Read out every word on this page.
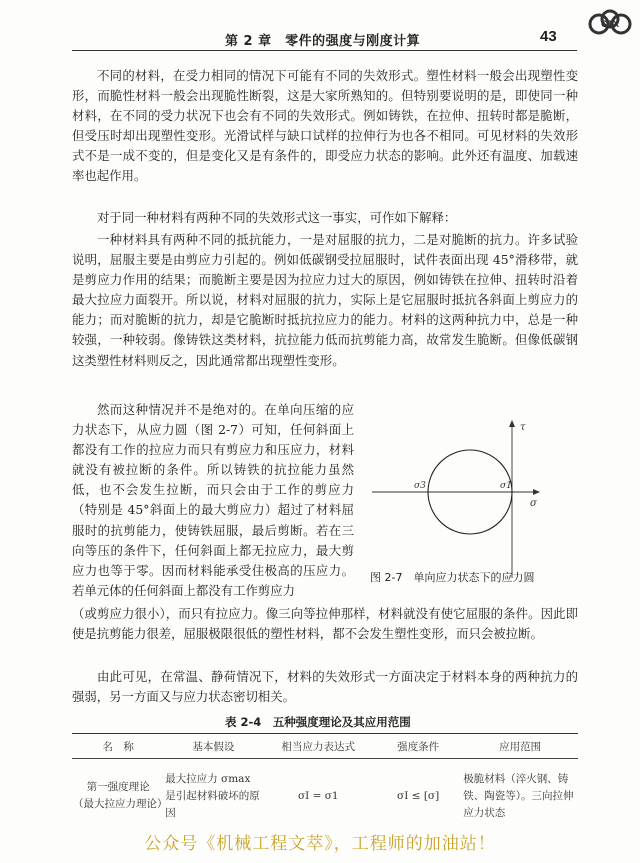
CTX
第 2 章　零件的强度与刚度计算	43
不同的材料，在受力相同的情况下可能有不同的失效形式。塑性材料一般会出现塑性变形，而脆性材料一般会出现脆性断裂，这是大家所熟知的。但特别要说明的是，即使同一种材料，在不同的受力状况下也会有不同的失效形式。例如铸铁，在拉伸、扭转时都是脆断，但受压时却出现塑性变形。光滑试样与缺口试样的拉伸行为也各不相同。可见材料的失效形式不是一成不变的，但是变化又是有条件的，即受应力状态的影响。此外还有温度、加载速率也起作用。
对于同一种材料有两种不同的失效形式这一事实，可作如下解释：
一种材料具有两种不同的抵抗能力，一是对屈服的抗力，二是对脆断的抗力。许多试验说明，屈服主要是由剪应力引起的。例如低碳钢受拉屈服时，试件表面出现 45°滑移带，就是剪应力作用的结果；而脆断主要是因为拉应力过大的原因，例如铸铁在拉伸、扭转时沿着最大拉应力面裂开。所以说，材料对屈服的抗力，实际上是它屈服时抵抗各斜面上剪应力的能力；而对脆断的抗力，却是它脆断时抵抗拉应力的能力。材料的这两种抗力中，总是一种较强，一种较弱。像铸铁这类材料，抗拉能力低而抗剪能力高，故常发生脆断。但像低碳钢这类塑性材料则反之，因此通常都出现塑性变形。
然而这种情况并不是绝对的。在单向压缩的应力状态下，从应力圆（图 2-7）可知，任何斜面上都没有工作的拉应力而只有剪应力和压应力，材料就没有被拉断的条件。所以铸铁的抗拉能力虽然低，也不会发生拉断，而只会由于工作的剪应力（特别是 45°斜面上的最大剪应力）超过了材料屈服时的抗剪能力，使铸铁屈服，最后剪断。若在三向等压的条件下，任何斜面上都无拉应力，最大剪应力也等于零。因而材料能承受住极高的压应力。若单元体的任何斜面上都没有工作剪应力
（或剪应力很小），而只有拉应力。像三向等拉伸那样，材料就没有使它屈服的条件。因此即使是抗剪能力很差，屈服极限很低的塑性材料，都不会发生塑性变形，而只会被拉断。
由此可见，在常温、静荷情况下，材料的失效形式一方面决定于材料本身的两种抗力的强弱，另一方面又与应力状态密切相关。
τ
σ
σ3	σ1
图 2-7　单向应力状态下的应力圆
表 2-4　五种强度理论及其应用范围
名　称	基本假设	相当应力表达式	强度条件	应用范围
第一强度理论
（最大拉应力理论）	最大拉应力 σmax 是引起材料破坏的原因	σⅠ = σ1	σⅠ ≤ [σ]	极脆材料（淬火钢、铸铁、陶瓷等）。三向拉伸应力状态
公众号《机械工程文萃》，工程师的加油站！
